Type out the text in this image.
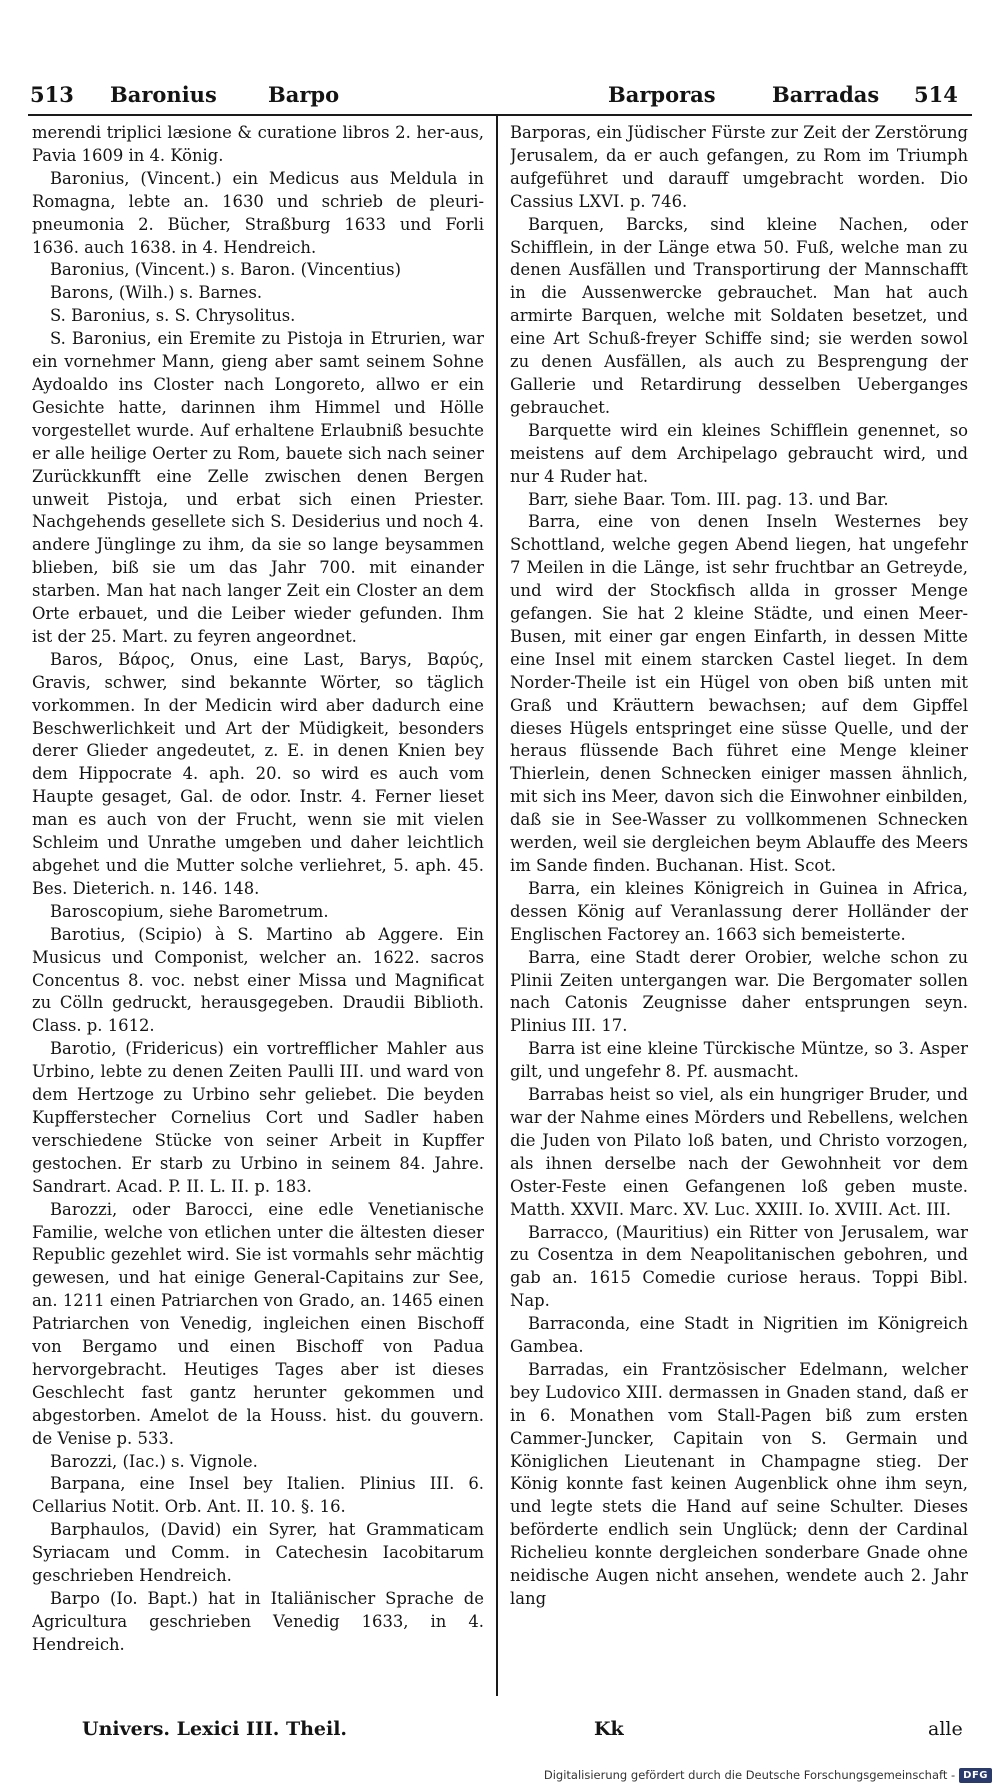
513 Baronius Barpo	Barporas	Barradas 514

merendi triplici læsione & curatione libros 2. her-aus, Pavia 1609 in 4. König.

Baronius, (Vincent.) ein Medicus aus Meldula in Romagna, lebte an. 1630 und schrieb de pleuri-pneumonia 2. Bücher, Straßburg 1633 und Forli 1636. auch 1638. in 4. Hendreich.

Baronius, (Vincent.) s. Baron. (Vincentius)

Barons, (Wilh.) s. Barnes.

S. Baronius, s. S. Chrysolitus.

S. Baronius, ein Eremite zu Pistoja in Etrurien, war ein vornehmer Mann, gieng aber samt seinem Sohne Aydoaldo ins Closter nach Longoreto, allwo er ein Gesichte hatte, darinnen ihm Himmel und Hölle vorgestellet wurde. Auf erhaltene Erlaubniß besuchte er alle heilige Oerter zu Rom, bauete sich nach seiner Zurückkunfft eine Zelle zwischen denen Bergen unweit Pistoja, und erbat sich einen Priester. Nachgehends gesellete sich S. Desiderius und noch 4. andere Jünglinge zu ihm, da sie so lange beysammen blieben, biß sie um das Jahr 700. mit einander starben. Man hat nach langer Zeit ein Closter an dem Orte erbauet, und die Leiber wieder gefunden. Ihm ist der 25. Mart. zu feyren angeordnet.

Baros, Βάρος, Onus, eine Last, Barys, Βαρύς, Gravis, schwer, sind bekannte Wörter, so täglich vorkommen. In der Medicin wird aber dadurch eine Beschwerlichkeit und Art der Müdigkeit, besonders derer Glieder angedeutet, z. E. in denen Knien bey dem Hippocrate 4. aph. 20. so wird es auch vom Haupte gesaget, Gal. de odor. Instr. 4. Ferner lieset man es auch von der Frucht, wenn sie mit vielen Schleim und Unrathe umgeben und daher leichtlich abgehet und die Mutter solche verliehret, 5. aph. 45. Bes. Dieterich. n. 146. 148.

Baroscopium, siehe Barometrum.

Barotius, (Scipio) à S. Martino ab Aggere. Ein Musicus und Componist, welcher an. 1622. sacros Concentus 8. voc. nebst einer Missa und Magnificat zu Cölln gedruckt, herausgegeben. Draudii Biblioth. Class. p. 1612.

Barotio, (Fridericus) ein vortrefflicher Mahler aus Urbino, lebte zu denen Zeiten Paulli III. und ward von dem Hertzoge zu Urbino sehr geliebet. Die beyden Kupfferstecher Cornelius Cort und Sadler haben verschiedene Stücke von seiner Arbeit in Kupffer gestochen. Er starb zu Urbino in seinem 84. Jahre. Sandrart. Acad. P. II. L. II. p. 183.

Barozzi, oder Barocci, eine edle Venetianische Familie, welche von etlichen unter die ältesten dieser Republic gezehlet wird. Sie ist vormahls sehr mächtig gewesen, und hat einige General-Capitains zur See, an. 1211 einen Patriarchen von Grado, an. 1465 einen Patriarchen von Venedig, ingleichen einen Bischoff von Bergamo und einen Bischoff von Padua hervorgebracht. Heutiges Tages aber ist dieses Geschlecht fast gantz herunter gekommen und abgestorben. Amelot de la Houss. hist. du gouvern. de Venise p. 533.

Barozzi, (Iac.) s. Vignole.

Barpana, eine Insel bey Italien. Plinius III. 6. Cellarius Notit. Orb. Ant. II. 10. §. 16.

Barphaulos, (David) ein Syrer, hat Grammaticam Syriacam und Comm. in Catechesin Iacobitarum geschrieben Hendreich.

Barpo (Io. Bapt.) hat in Italiänischer Sprache de Agricultura geschrieben Venedig 1633, in 4. Hendreich.

Barporas, ein Jüdischer Fürste zur Zeit der Zerstörung Jerusalem, da er auch gefangen, zu Rom im Triumph aufgeführet und darauff umgebracht worden. Dio Cassius LXVI. p. 746.

Barquen, Barcks, sind kleine Nachen, oder Schifflein, in der Länge etwa 50. Fuß, welche man zu denen Ausfällen und Transportirung der Mannschafft in die Aussenwercke gebrauchet. Man hat auch armirte Barquen, welche mit Soldaten besetzet, und eine Art Schuß-freyer Schiffe sind; sie werden sowol zu denen Ausfällen, als auch zu Besprengung der Gallerie und Retardirung desselben Ueberganges gebrauchet.

Barquette wird ein kleines Schifflein genennet, so meistens auf dem Archipelago gebraucht wird, und nur 4 Ruder hat.

Barr, siehe Baar. Tom. III. pag. 13. und Bar.

Barra, eine von denen Inseln Westernes bey Schottland, welche gegen Abend liegen, hat ungefehr 7 Meilen in die Länge, ist sehr fruchtbar an Getreyde, und wird der Stockfisch allda in grosser Menge gefangen. Sie hat 2 kleine Städte, und einen Meer-Busen, mit einer gar engen Einfarth, in dessen Mitte eine Insel mit einem starcken Castel lieget. In dem Norder-Theile ist ein Hügel von oben biß unten mit Graß und Kräuttern bewachsen; auf dem Gipffel dieses Hügels entspringet eine süsse Quelle, und der heraus flüssende Bach führet eine Menge kleiner Thierlein, denen Schnecken einiger massen ähnlich, mit sich ins Meer, davon sich die Einwohner einbilden, daß sie in See-Wasser zu vollkommenen Schnecken werden, weil sie dergleichen beym Ablauffe des Meers im Sande finden. Buchanan. Hist. Scot.

Barra, ein kleines Königreich in Guinea in Africa, dessen König auf Veranlassung derer Holländer der Englischen Factorey an. 1663 sich bemeisterte.

Barra, eine Stadt derer Orobier, welche schon zu Plinii Zeiten untergangen war. Die Bergomater sollen nach Catonis Zeugnisse daher entsprungen seyn. Plinius III. 17.

Barra ist eine kleine Türckische Müntze, so 3. Asper gilt, und ungefehr 8. Pf. ausmacht.

Barrabas heist so viel, als ein hungriger Bruder, und war der Nahme eines Mörders und Rebellens, welchen die Juden von Pilato loß baten, und Christo vorzogen, als ihnen derselbe nach der Gewohnheit vor dem Oster-Feste einen Gefangenen loß geben muste. Matth. XXVII. Marc. XV. Luc. XXIII. Io. XVIII. Act. III.

Barracco, (Mauritius) ein Ritter von Jerusalem, war zu Cosentza in dem Neapolitanischen gebohren, und gab an. 1615 Comedie curiose heraus. Toppi Bibl. Nap.

Barraconda, eine Stadt in Nigritien im Königreich Gambea.

Barradas, ein Frantzösischer Edelmann, welcher bey Ludovico XIII. dermassen in Gnaden stand, daß er in 6. Monathen vom Stall-Pagen biß zum ersten Cammer-Juncker, Capitain von S. Germain und Königlichen Lieutenant in Champagne stieg. Der König konnte fast keinen Augenblick ohne ihm seyn, und legte stets die Hand auf seine Schulter. Dieses beförderte endlich sein Unglück; denn der Cardinal Richelieu konnte dergleichen sonderbare Gnade ohne neidische Augen nicht ansehen, wendete auch 2. Jahr lang

Univers. Lexici III. Theil.	Kk	alle
Digitalisierung gefördert durch die Deutsche Forschungsgemeinschaft - DFG
